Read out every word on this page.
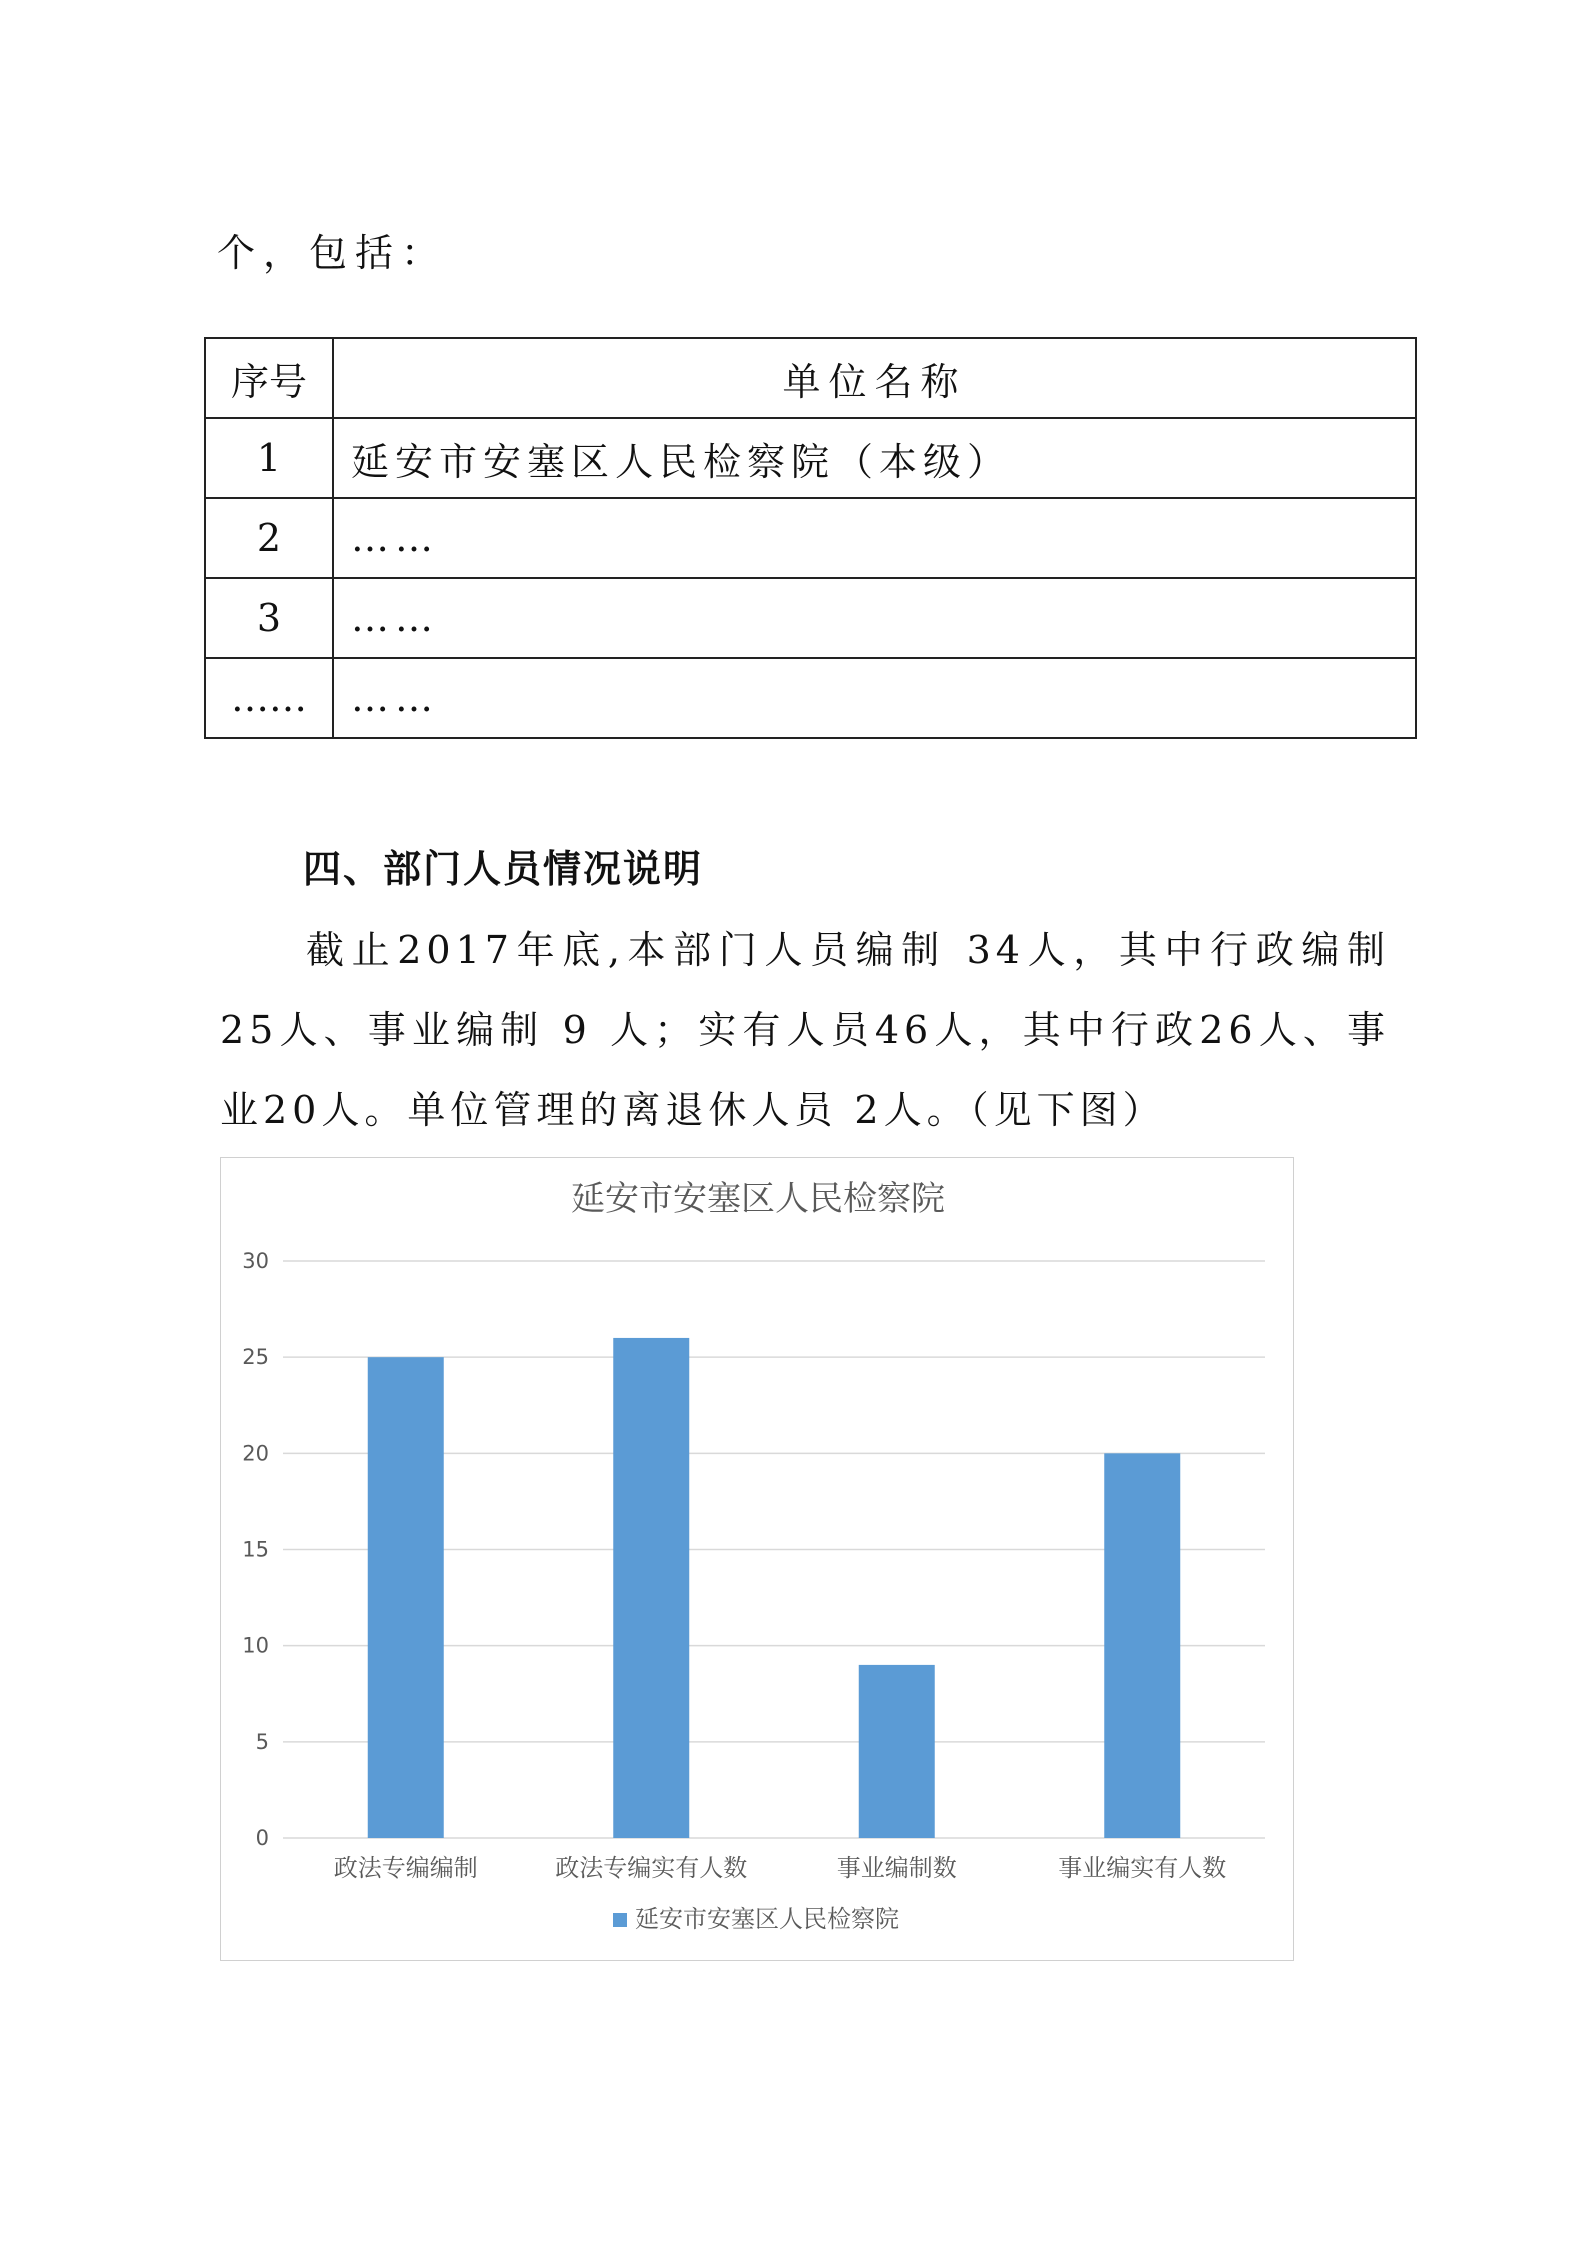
个，包括：

序号	单位名称
1	延安市安塞区人民检察院（本级）
2	……
3	……
……	……
四、部门人员情况说明

截止2017年底,本部门人员编制 34人，其中行政编制25人、事业编制 9 人；实有人员46人，其中行政26人、事业20人。单位管理的离退休人员 2人。（见下图）

延安市安塞区人民检察院
0
5
10
15
20
25
30
政法专编编制	政法专编实有人数	事业编制数	事业编实有人数
延安市安塞区人民检察院
